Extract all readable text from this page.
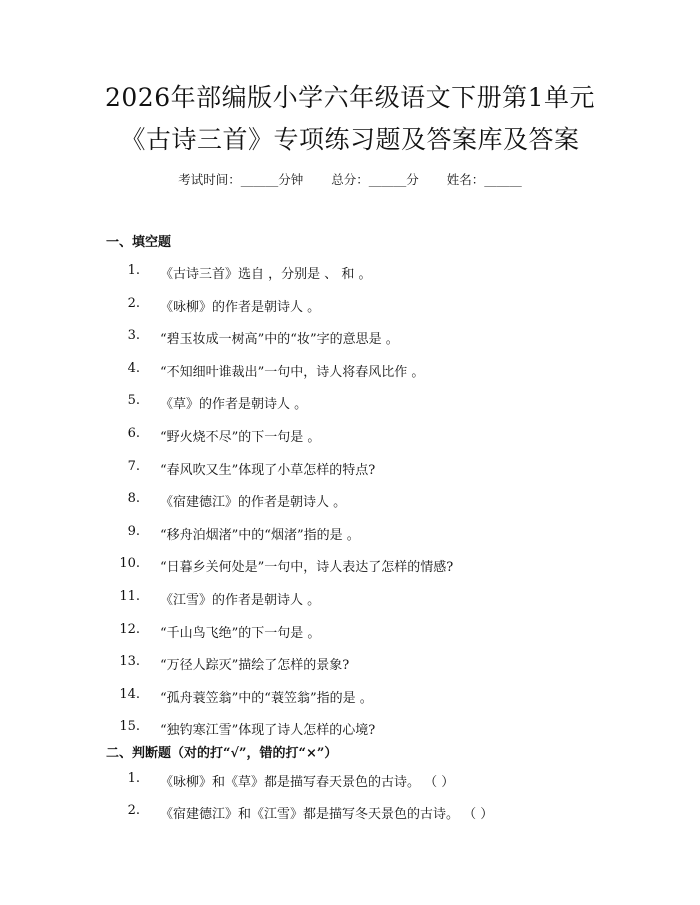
2026年部编版小学六年级语文下册第1单元
《古诗三首》专项练习题及答案库及答案
考试时间：______分钟 总分：______分 姓名：______
一、填空题
1. 《古诗三首》选自 ，分别是 、 和 。
2. 《咏柳》的作者是朝诗人 。
3. “碧玉妆成一树高”中的“妆”字的意思是 。
4. “不知细叶谁裁出”一句中，诗人将春风比作 。
5. 《草》的作者是朝诗人 。
6. “野火烧不尽”的下一句是 。
7. “春风吹又生”体现了小草怎样的特点?
8. 《宿建德江》的作者是朝诗人 。
9. “移舟泊烟渚”中的“烟渚”指的是 。
10. “日暮乡关何处是”一句中，诗人表达了怎样的情感?
11. 《江雪》的作者是朝诗人 。
12. “千山鸟飞绝”的下一句是 。
13. “万径人踪灭”描绘了怎样的景象?
14. “孤舟蓑笠翁”中的“蓑笠翁”指的是 。
15. “独钓寒江雪”体现了诗人怎样的心境?
二、判断题（对的打“√”，错的打“×”）
1. 《咏柳》和《草》都是描写春天景色的古诗。 （ ）
2. 《宿建德江》和《江雪》都是描写冬天景色的古诗。 （ ）
